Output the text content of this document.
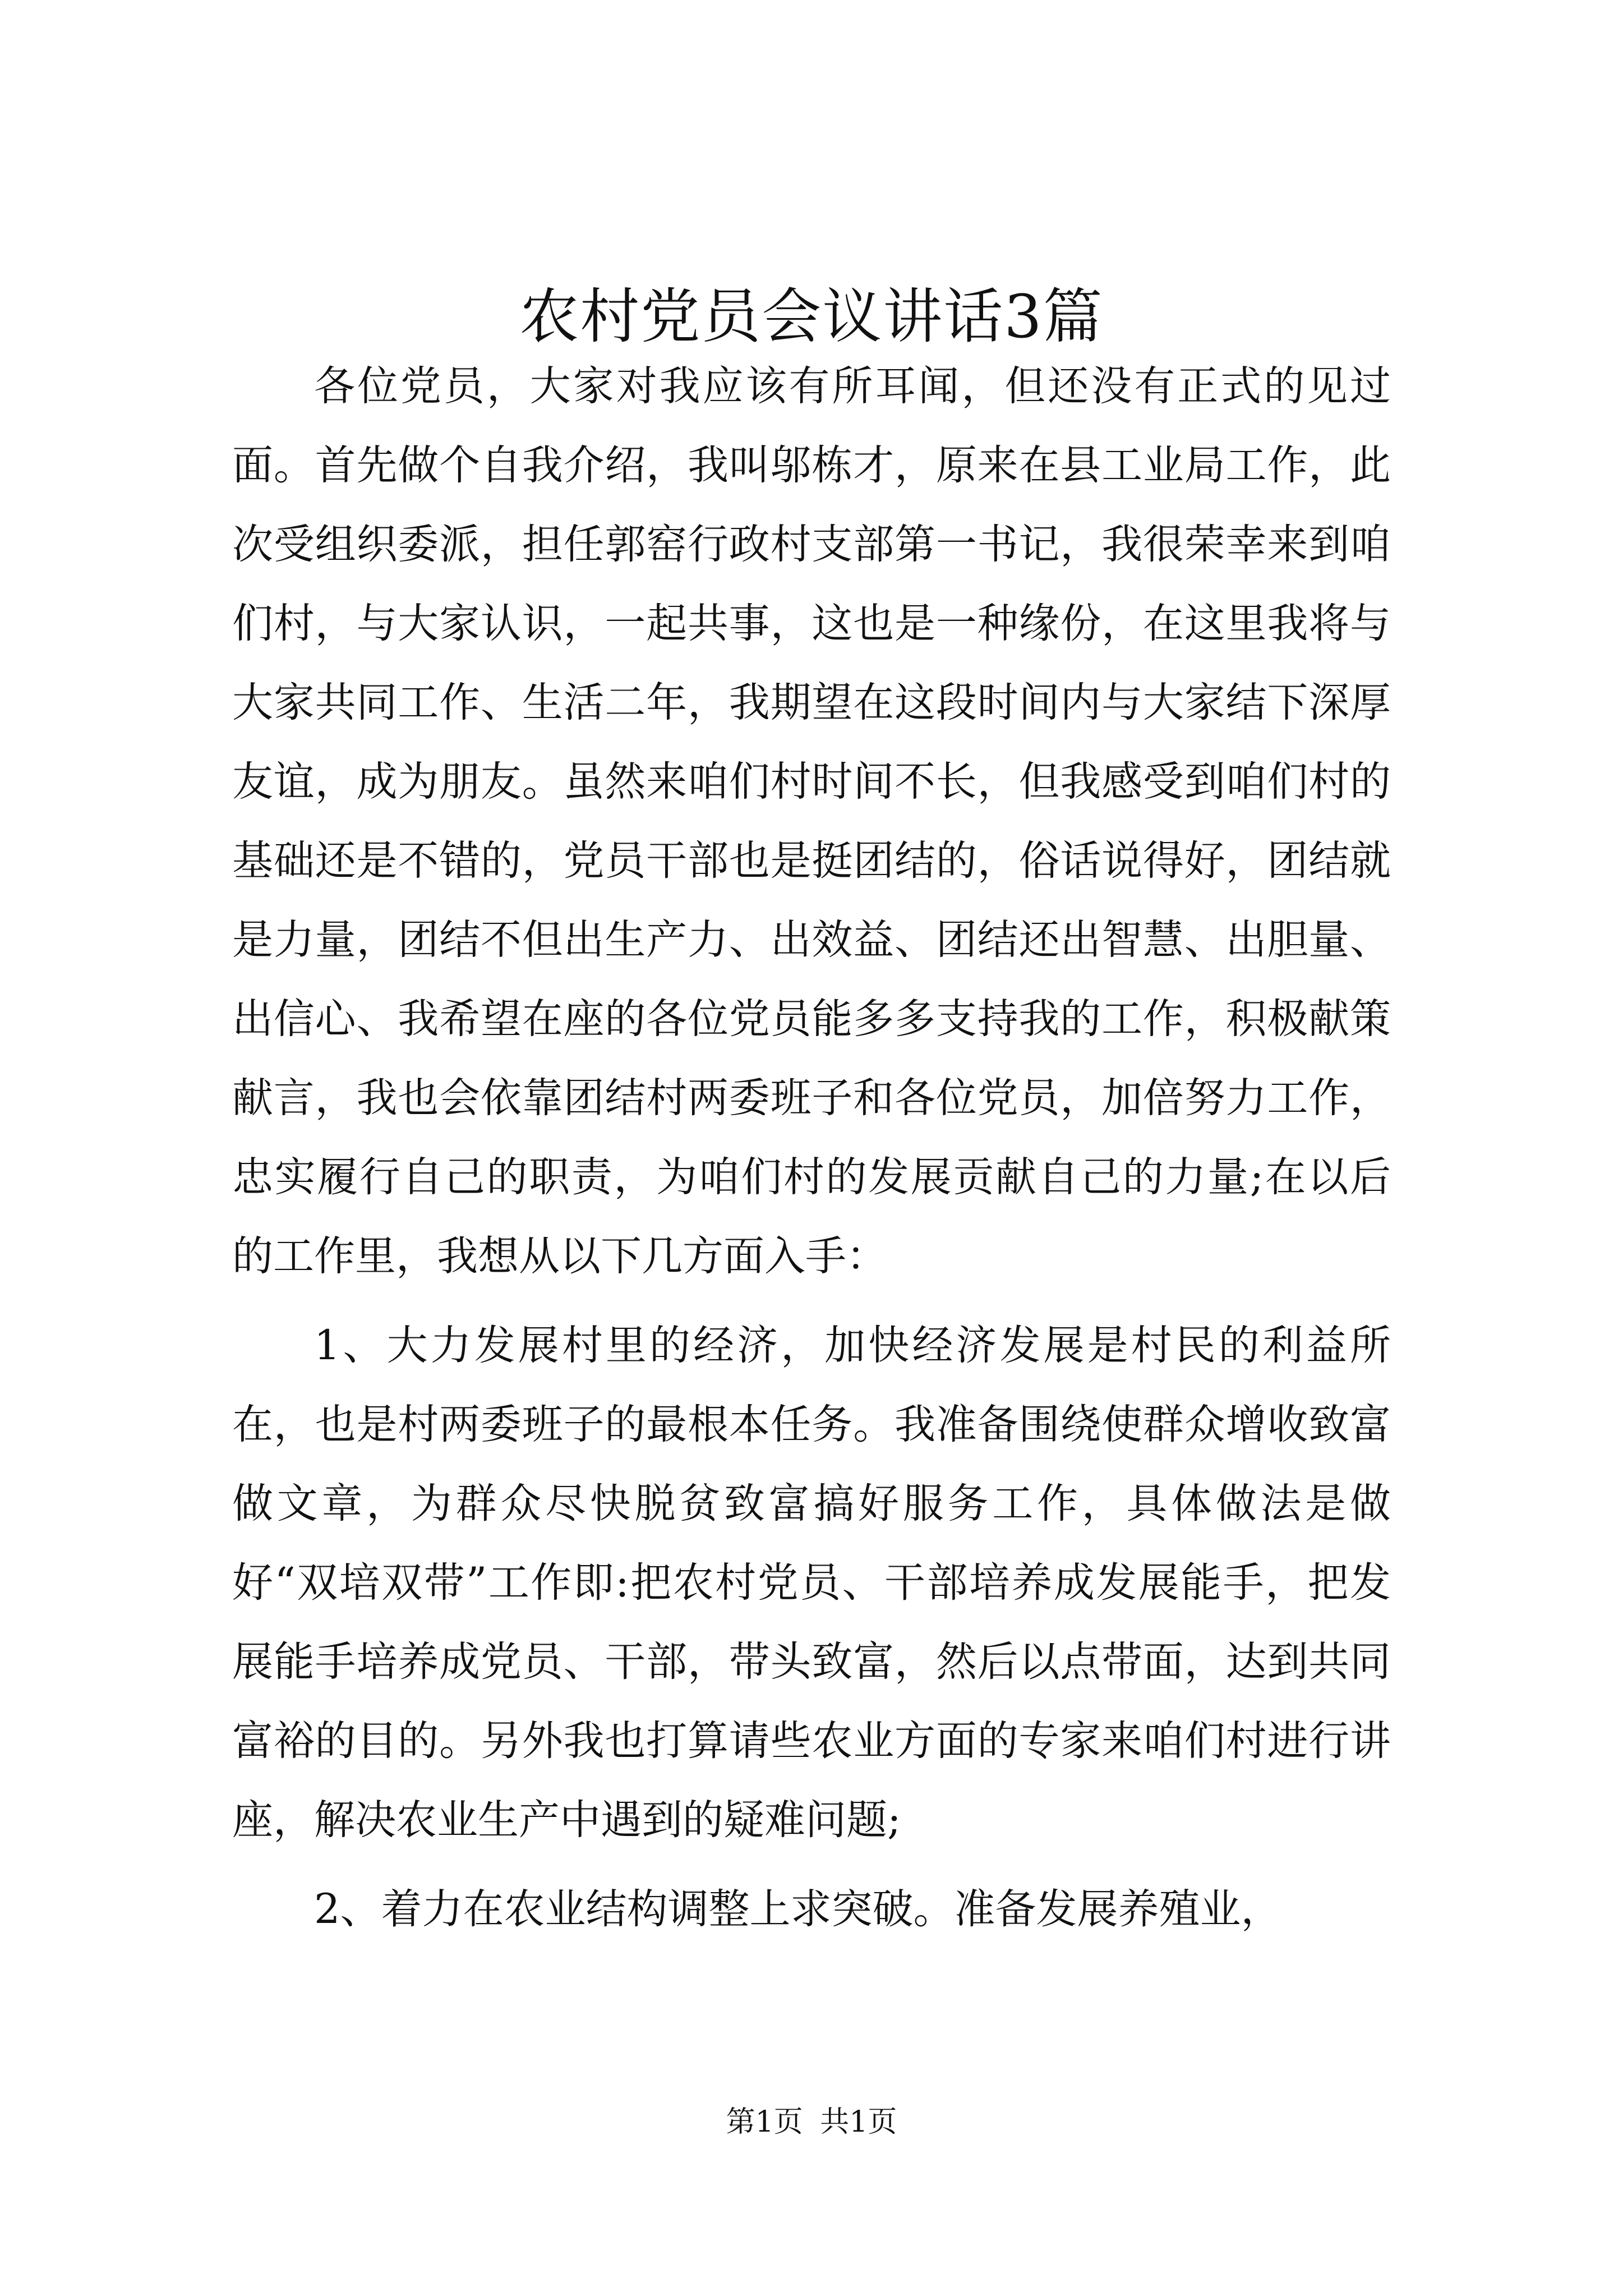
农村党员会议讲话3篇

各位党员，大家对我应该有所耳闻，但还没有正式的见过面。首先做个自我介绍，我叫邬栋才，原来在县工业局工作，此次受组织委派，担任郭窑行政村支部第一书记，我很荣幸来到咱们村，与大家认识，一起共事，这也是一种缘份，在这里我将与大家共同工作、生活二年，我期望在这段时间内与大家结下深厚友谊，成为朋友。虽然来咱们村时间不长，但我感受到咱们村的基础还是不错的，党员干部也是挺团结的，俗话说得好，团结就是力量，团结不但出生产力、出效益、团结还出智慧、出胆量、出信心、我希望在座的各位党员能多多支持我的工作，积极献策献言，我也会依靠团结村两委班子和各位党员，加倍努力工作，忠实履行自己的职责，为咱们村的发展贡献自己的力量;在以后的工作里，我想从以下几方面入手：

1、大力发展村里的经济，加快经济发展是村民的利益所在，也是村两委班子的最根本任务。我准备围绕使群众增收致富做文章，为群众尽快脱贫致富搞好服务工作，具体做法是做好“双培双带”工作即:把农村党员、干部培养成发展能手，把发展能手培养成党员、干部，带头致富，然后以点带面，达到共同富裕的目的。另外我也打算请些农业方面的专家来咱们村进行讲座，解决农业生产中遇到的疑难问题;

2、着力在农业结构调整上求突破。准备发展养殖业，

第1页 共1页
